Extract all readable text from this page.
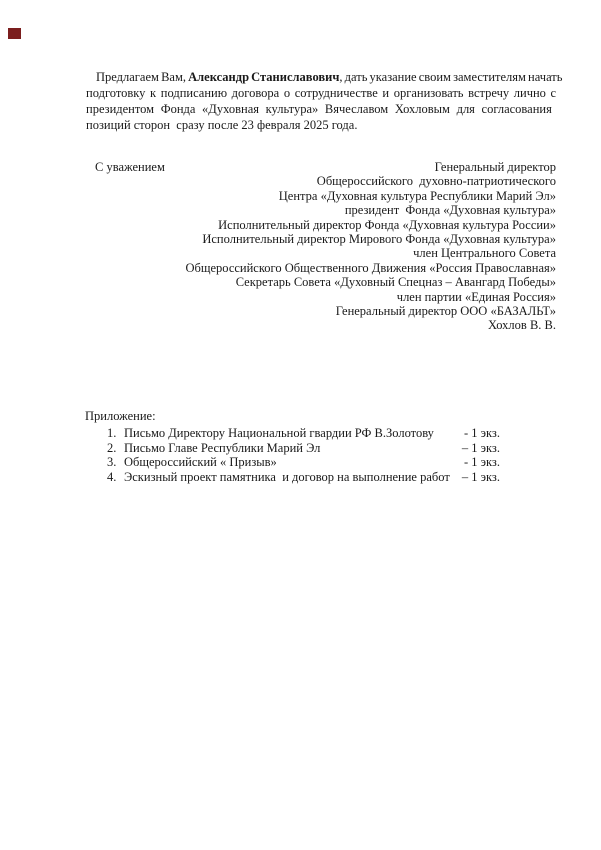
Предлагаем Вам, Александр Станиславович, дать указание своим заместителям начать
подготовку к подписанию договора о сотрудничестве и организовать встречу лично с
президентом Фонда «Духовная культура» Вячеславом Хохловым для согласования
позиций сторон  сразу после 23 февраля 2025 года.
С уважением	Генеральный директор
Общероссийского  духовно-патриотического
Центра «Духовная культура Республики Марий Эл»
президент  Фонда «Духовная культура»
Исполнительный директор Фонда «Духовная культура России»
Исполнительный директор Мирового Фонда «Духовная культура»
член Центрального Совета
Общероссийского Общественного Движения «Россия Православная»
Секретарь Совета «Духовный Спецназ – Авангард Победы»
член партии «Единая Россия»
Генеральный директор ООО «БАЗАЛЬТ»
Хохлов В. В.
Приложение:
1. Письмо Директору Национальной гвардии РФ В.Золотову - 1 экз.
2. Письмо Главе Республики Марий Эл	– 1 экз.
3. Общероссийский « Призыв»	- 1 экз.
4. Эскизный проект памятника  и договор на выполнение работ – 1 экз.
